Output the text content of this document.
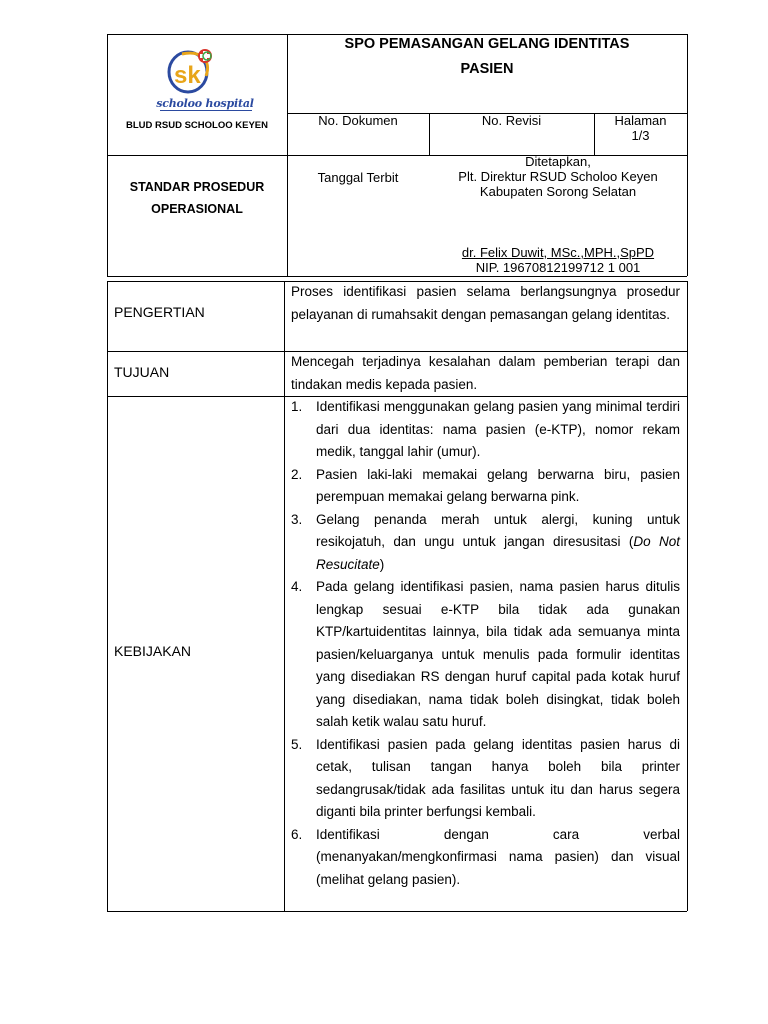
sk
scholoo hospital
BLUD RSUD SCHOLOO KEYEN
SPO PEMASANGAN GELANG IDENTITAS
PASIEN
No. Dokumen	No. Revisi	Halaman
1/3
STANDAR PROSEDUR
OPERASIONAL
Tanggal Terbit
Ditetapkan,
Plt. Direktur RSUD Scholoo Keyen
Kabupaten Sorong Selatan
dr. Felix Duwit, MSc.,MPH.,SpPD
NIP. 19670812199712 1 001
PENGERTIAN
Proses identifikasi pasien selama berlangsungnya prosedur pelayanan di rumahsakit dengan pemasangan gelang identitas.
TUJUAN
Mencegah terjadinya kesalahan dalam pemberian terapi dan tindakan medis kepada pasien.
KEBIJAKAN
1. Identifikasi menggunakan gelang pasien yang minimal terdiri dari dua identitas: nama pasien (e-KTP), nomor rekam medik, tanggal lahir (umur).
2. Pasien laki-laki memakai gelang berwarna biru, pasien perempuan memakai gelang berwarna pink.
3. Gelang penanda merah untuk alergi, kuning untuk resikojatuh, dan ungu untuk jangan diresusitasi (Do Not Resucitate)
4. Pada gelang identifikasi pasien, nama pasien harus ditulis lengkap sesuai e-KTP bila tidak ada gunakan KTP/kartuidentitas lainnya, bila tidak ada semuanya minta pasien/keluarganya untuk menulis pada formulir identitas yang disediakan RS dengan huruf capital pada kotak huruf yang disediakan, nama tidak boleh disingkat, tidak boleh salah ketik walau satu huruf.
5. Identifikasi pasien pada gelang identitas pasien harus di cetak, tulisan tangan hanya boleh bila printer sedangrusak/tidak ada fasilitas untuk itu dan harus segera diganti bila printer berfungsi kembali.
6. Identifikasi dengan cara verbal (menanyakan/mengkonfirmasi nama pasien) dan visual (melihat gelang pasien).
